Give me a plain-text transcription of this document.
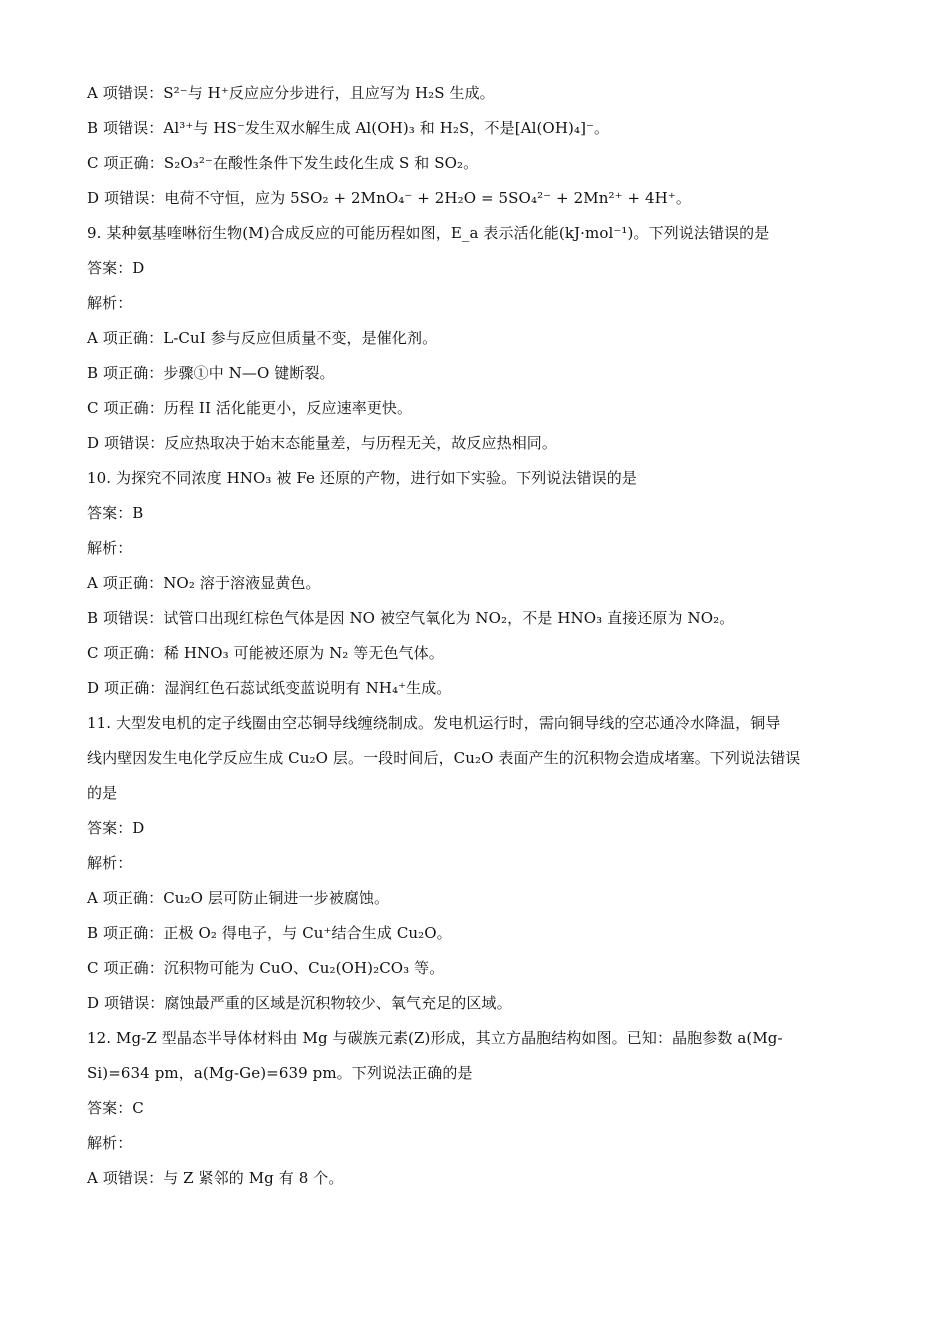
A 项错误：S²⁻与 H⁺反应应分步进行，且应写为 H₂S 生成。
B 项错误：Al³⁺与 HS⁻发生双水解生成 Al(OH)₃ 和 H₂S，不是[Al(OH)₄]⁻。
C 项正确：S₂O₃²⁻在酸性条件下发生歧化生成 S 和 SO₂。
D 项错误：电荷不守恒，应为 5SO₂ + 2MnO₄⁻ + 2H₂O = 5SO₄²⁻ + 2Mn²⁺ + 4H⁺。
9. 某种氨基喹啉衍生物(M)合成反应的可能历程如图，E_a 表示活化能(kJ·mol⁻¹)。下列说法错误的是
答案：D
解析：
A 项正确：L-CuI 参与反应但质量不变，是催化剂。
B 项正确：步骤①中 N—O 键断裂。
C 项正确：历程 II 活化能更小，反应速率更快。
D 项错误：反应热取决于始末态能量差，与历程无关，故反应热相同。
10. 为探究不同浓度 HNO₃ 被 Fe 还原的产物，进行如下实验。下列说法错误的是
答案：B
解析：
A 项正确：NO₂ 溶于溶液显黄色。
B 项错误：试管口出现红棕色气体是因 NO 被空气氧化为 NO₂，不是 HNO₃ 直接还原为 NO₂。
C 项正确：稀 HNO₃ 可能被还原为 N₂ 等无色气体。
D 项正确：湿润红色石蕊试纸变蓝说明有 NH₄⁺生成。
11. 大型发电机的定子线圈由空芯铜导线缠绕制成。发电机运行时，需向铜导线的空芯通冷水降温，铜导
线内壁因发生电化学反应生成 Cu₂O 层。一段时间后，Cu₂O 表面产生的沉积物会造成堵塞。下列说法错误
的是
答案：D
解析：
A 项正确：Cu₂O 层可防止铜进一步被腐蚀。
B 项正确：正极 O₂ 得电子，与 Cu⁺结合生成 Cu₂O。
C 项正确：沉积物可能为 CuO、Cu₂(OH)₂CO₃ 等。
D 项错误：腐蚀最严重的区域是沉积物较少、氧气充足的区域。
12. Mg-Z 型晶态半导体材料由 Mg 与碳族元素(Z)形成，其立方晶胞结构如图。已知：晶胞参数 a(Mg-
Si)=634 pm，a(Mg-Ge)=639 pm。下列说法正确的是
答案：C
解析：
A 项错误：与 Z 紧邻的 Mg 有 8 个。
